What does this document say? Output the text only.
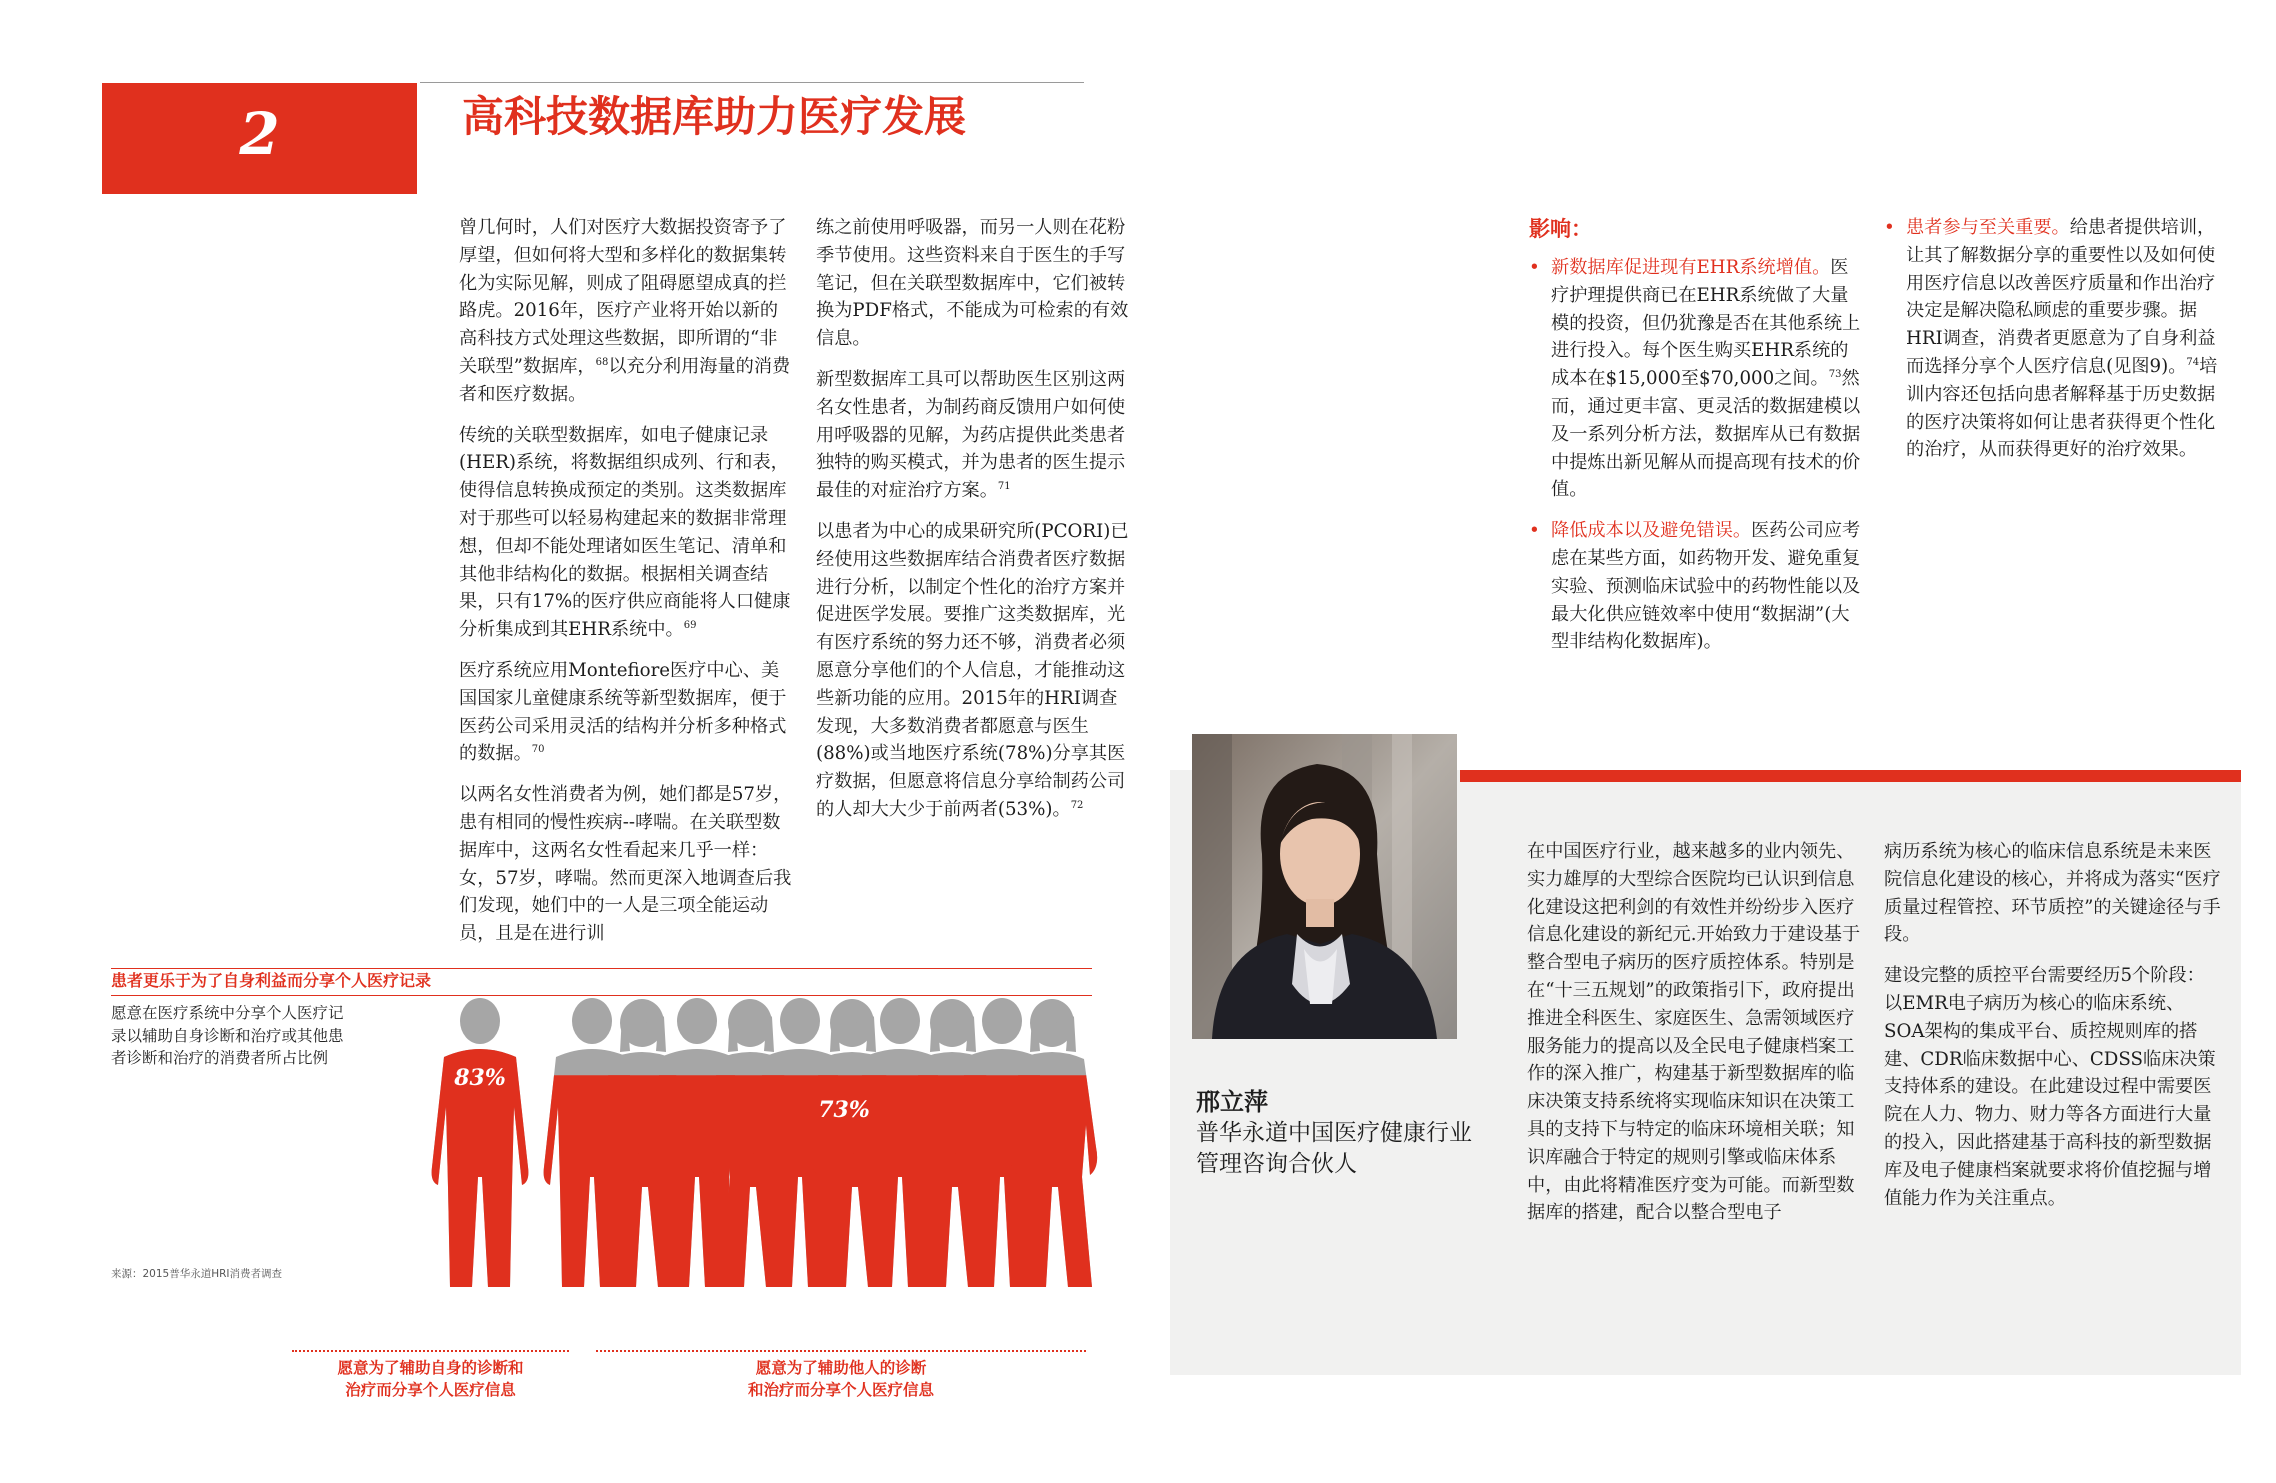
2	高科技数据库助力医疗发展

曾几何时，人们对医疗大数据投资寄予了厚望，但如何将大型和多样化的数据集转化为实际见解，则成了阻碍愿望成真的拦路虎。2016年，医疗产业将开始以新的高科技方式处理这些数据，即所谓的“非关联型”数据库，$^{68}$以充分利用海量的消费者和医疗数据。

传统的关联型数据库，如电子健康记录(HER)系统，将数据组织成列、行和表，使得信息转换成预定的类别。这类数据库对于那些可以轻易构建起来的数据非常理想，但却不能处理诸如医生笔记、清单和其他非结构化的数据。根据相关调查结果，只有17%的医疗供应商能将人口健康分析集成到其EHR系统中。$^{69}$

医疗系统应用Montefiore医疗中心、美国国家儿童健康系统等新型数据库，便于医药公司采用灵活的结构并分析多种格式的数据。$^{70}$

以两名女性消费者为例，她们都是57岁，患有相同的慢性疾病--哮喘。在关联型数据库中，这两名女性看起来几乎一样：女，57岁，哮喘。然而更深入地调查后我们发现，她们中的一人是三项全能运动员，且是在进行训

练之前使用呼吸器，而另一人则在花粉季节使用。这些资料来自于医生的手写笔记，但在关联型数据库中，它们被转换为PDF格式，不能成为可检索的有效信息。

新型数据库工具可以帮助医生区别这两名女性患者，为制药商反馈用户如何使用呼吸器的见解，为药店提供此类患者独特的购买模式，并为患者的医生提示最佳的对症治疗方案。$^{71}$

以患者为中心的成果研究所(PCORI)已经使用这些数据库结合消费者医疗数据进行分析，以制定个性化的治疗方案并促进医学发展。要推广这类数据库，光有医疗系统的努力还不够，消费者必须愿意分享他们的个人信息，才能推动这些新功能的应用。2015年的HRI调查发现，大多数消费者都愿意与医生(88%)或当地医疗系统(78%)分享其医疗数据，但愿意将信息分享给制药公司的人却大大少于前两者(53%)。$^{72}$

影响：
• 新数据库促进现有EHR系统增值。医疗护理提供商已在EHR系统做了大量模的投资，但仍犹豫是否在其他系统上进行投入。每个医生购买EHR系统的成本在$15,000至$70,000之间。$^{73}$然而，通过更丰富、更灵活的数据建模以及一系列分析方法，数据库从已有数据中提炼出新见解从而提高现有技术的价值。
• 降低成本以及避免错误。医药公司应考虑在某些方面，如药物开发、避免重复实验、预测临床试验中的药物性能以及最大化供应链效率中使用“数据湖”(大型非结构化数据库)。
• 患者参与至关重要。给患者提供培训，让其了解数据分享的重要性以及如何使用医疗信息以改善医疗质量和作出治疗决定是解决隐私顾虑的重要步骤。据HRI调查，消费者更愿意为了自身利益而选择分享个人医疗信息(见图9)。$^{74}$培训内容还包括向患者解释基于历史数据的医疗决策将如何让患者获得更个性化的治疗，从而获得更好的治疗效果。
患者更乐于为了自身利益而分享个人医疗记录
愿意在医疗系统中分享个人医疗记录以辅助自身诊断和治疗或其他患者诊断和治疗的消费者所占比例
83%
73%
来源：2015普华永道HRI消费者调查
愿意为了辅助自身的诊断和
治疗而分享个人医疗信息
愿意为了辅助他人的诊断
和治疗而分享个人医疗信息
邢立萍
普华永道中国医疗健康行业
管理咨询合伙人

在中国医疗行业，越来越多的业内领先、实力雄厚的大型综合医院均已认识到信息化建设这把利剑的有效性并纷纷步入医疗信息化建设的新纪元.开始致力于建设基于整合型电子病历的医疗质控体系。特别是在“十三五规划”的政策指引下，政府提出推进全科医生、家庭医生、急需领域医疗服务能力的提高以及全民电子健康档案工作的深入推广，构建基于新型数据库的临床决策支持系统将实现临床知识在决策工具的支持下与特定的临床环境相关联；知识库融合于特定的规则引擎或临床体系中，由此将精准医疗变为可能。而新型数据库的搭建，配合以整合型电子

病历系统为核心的临床信息系统是未来医院信息化建设的核心，并将成为落实“医疗质量过程管控、环节质控”的关键途径与手段。

建设完整的质控平台需要经历5个阶段：以EMR电子病历为核心的临床系统、SOA架构的集成平台、质控规则库的搭建、CDR临床数据中心、CDSS临床决策支持体系的建设。在此建设过程中需要医院在人力、物力、财力等各方面进行大量的投入，因此搭建基于高科技的新型数据库及电子健康档案就要求将价值挖掘与增值能力作为关注重点。
